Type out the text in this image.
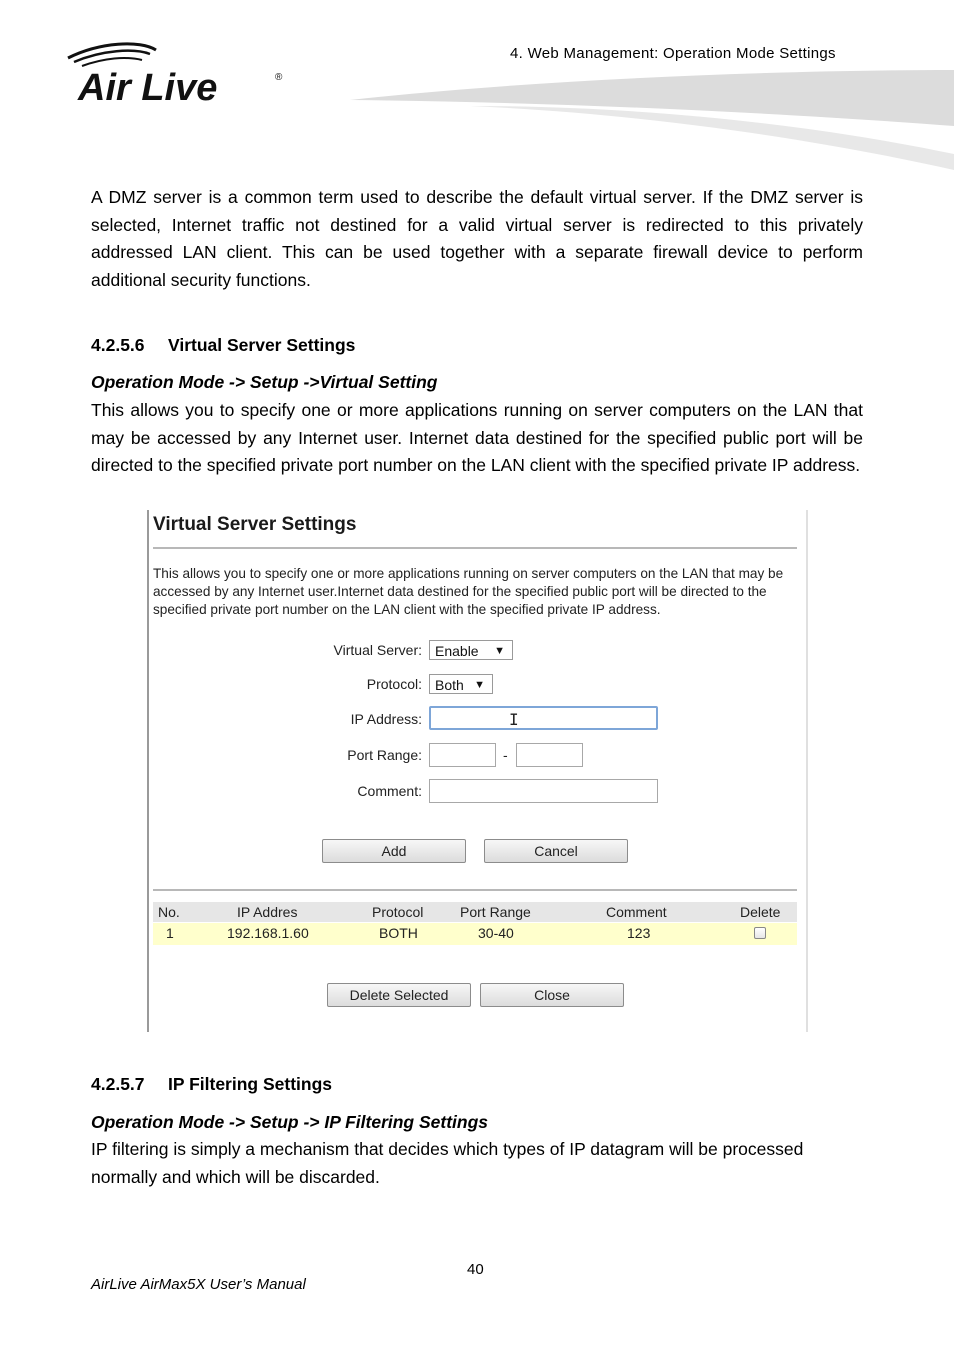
4. Web Management: Operation Mode Settings
Air Live	®

A DMZ server is a common term used to describe the default virtual server. If the DMZ server is selected, Internet traffic not destined for a valid virtual server is redirected to this privately addressed LAN client. This can be used together with a separate firewall device to perform additional security functions.

4.2.5.6 Virtual Server Settings
Operation Mode -> Setup ->Virtual Setting

This allows you to specify one or more applications running on server computers on the LAN that may be accessed by any Internet user. Internet data destined for the specified public port will be directed to the specified private port number on the LAN client with the specified private IP address.

Virtual Server Settings

This allows you to specify one or more applications running on server computers on the LAN that may be accessed by any Internet user.Internet data destined for the specified public port will be directed to the specified private port number on the LAN client with the specified private IP address.

Virtual Server: Enable ▼
Protocol: Both ▼
IP Address:	I
Port Range:	-
Comment:
Add	Cancel
No.	IP Addres	Protocol	Port Range	Comment	Delete
1	192.168.1.60	BOTH	30-40	123
Delete Selected	Close
4.2.5.7 IP Filtering Settings
Operation Mode -> Setup -> IP Filtering Settings

IP filtering is simply a mechanism that decides which types of IP datagram will be processed normally and which will be discarded.

40
AirLive AirMax5X User’s Manual
